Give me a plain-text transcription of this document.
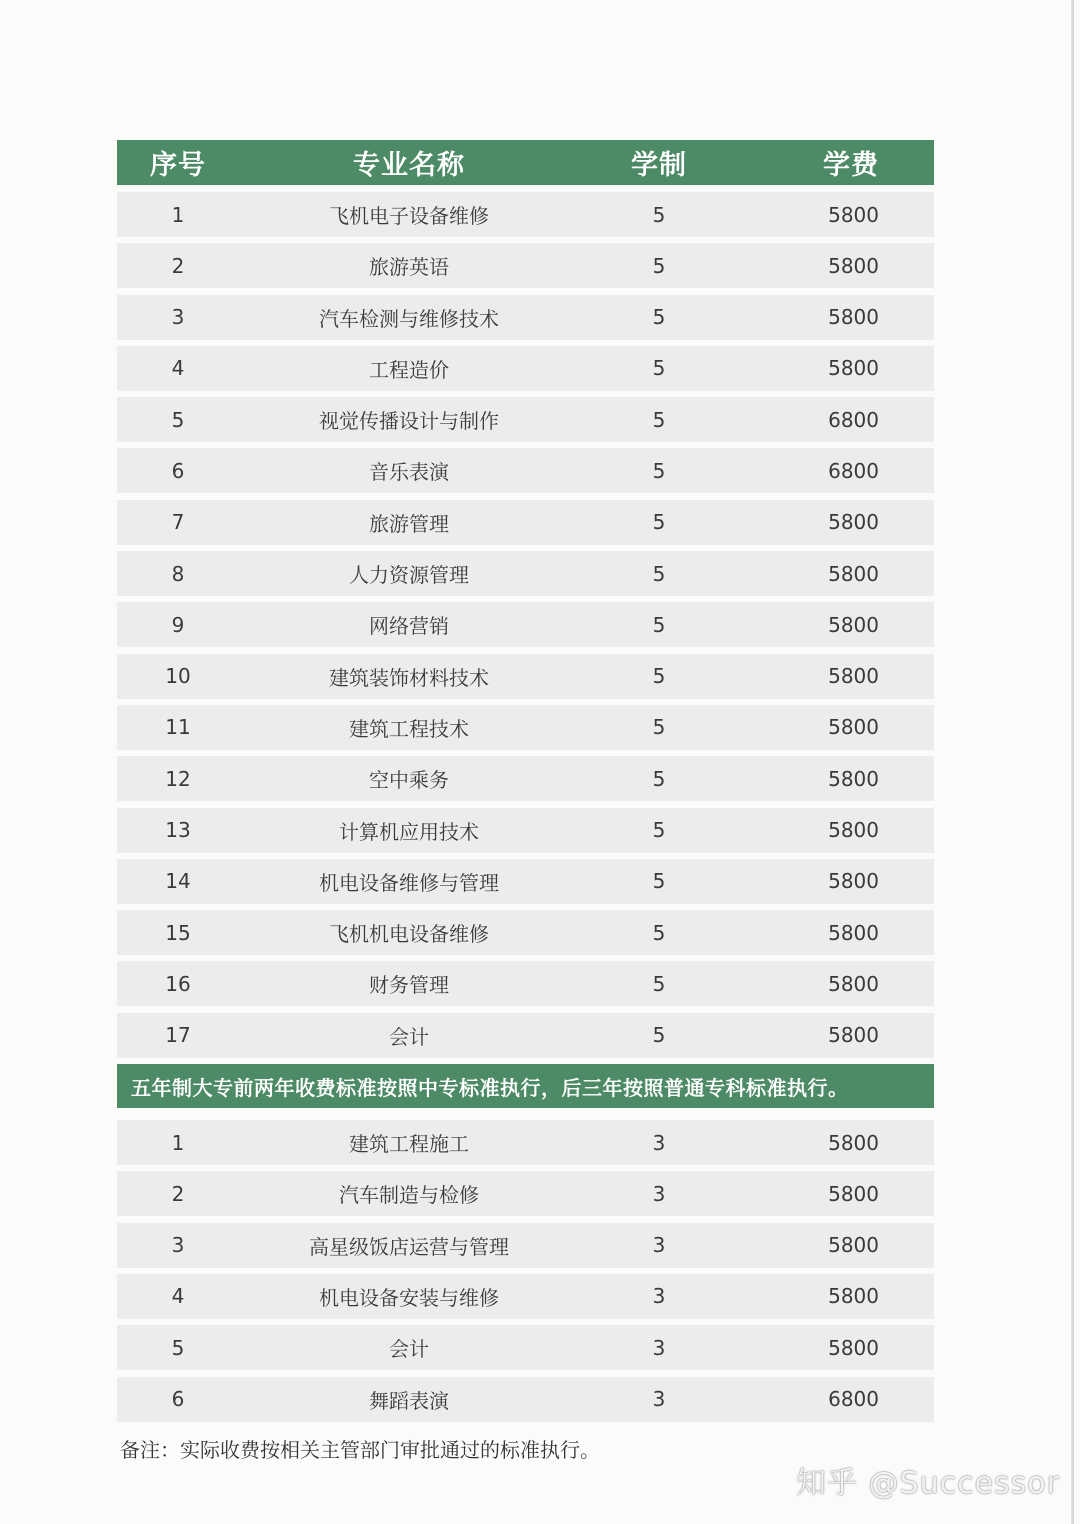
序号	专业名称	学制	学费
1	飞机电子设备维修	5	5800
2	旅游英语	5	5800
3	汽车检测与维修技术	5	5800
4	工程造价	5	5800
5	视觉传播设计与制作	5	6800
6	音乐表演	5	6800
7	旅游管理	5	5800
8	人力资源管理	5	5800
9	网络营销	5	5800
10	建筑装饰材料技术	5	5800
11	建筑工程技术	5	5800
12	空中乘务	5	5800
13	计算机应用技术	5	5800
14	机电设备维修与管理	5	5800
15	飞机机电设备维修	5	5800
16	财务管理	5	5800
17	会计	5	5800
五年制大专前两年收费标准按照中专标准执行，后三年按照普通专科标准执行。
1	建筑工程施工	3	5800
2	汽车制造与检修	3	5800
3	高星级饭店运营与管理	3	5800
4	机电设备安装与维修	3	5800
5	会计	3	5800
6	舞蹈表演	3	6800
备注：实际收费按相关主管部门审批通过的标准执行。
知乎 @Successor
